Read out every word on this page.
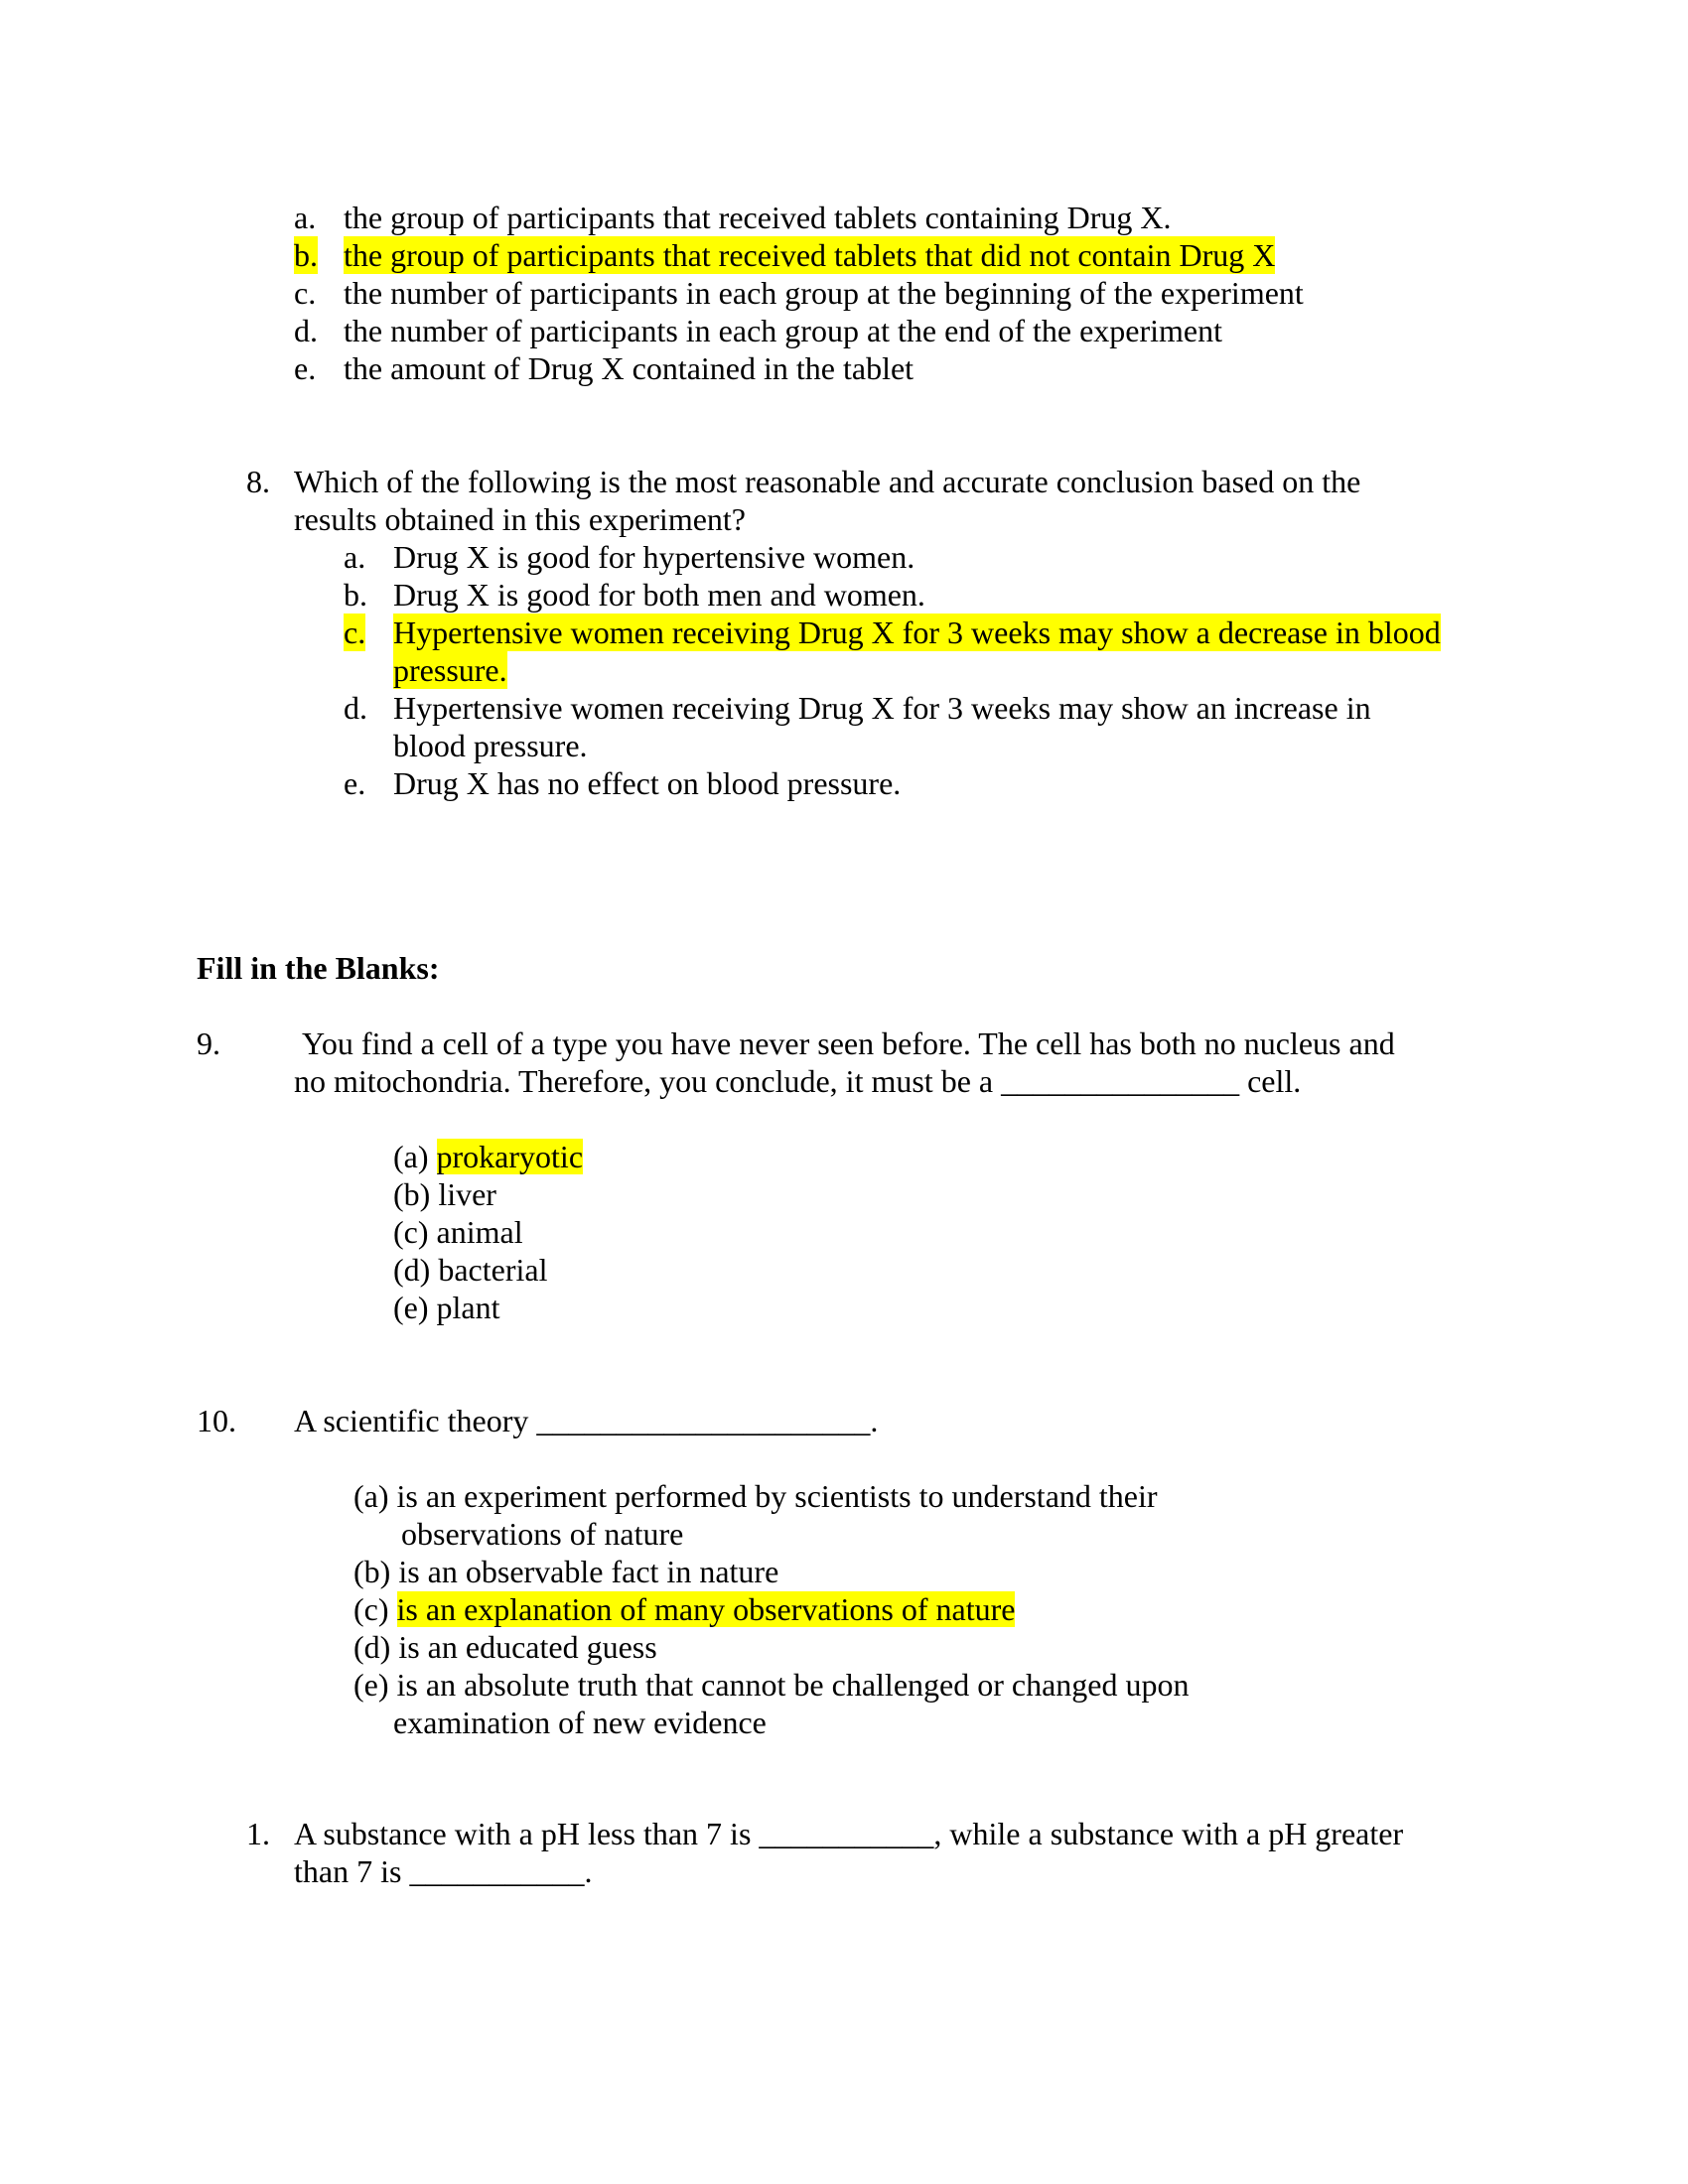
a. the group of participants that received tablets containing Drug X.
b. the group of participants that received tablets that did not contain Drug X
c. the number of participants in each group at the beginning of the experiment
d. the number of participants in each group at the end of the experiment
e. the amount of Drug X contained in the tablet
8. Which of the following is the most reasonable and accurate conclusion based on the
results obtained in this experiment?
a. Drug X is good for hypertensive women.
b. Drug X is good for both men and women.
c. Hypertensive women receiving Drug X for 3 weeks may show a decrease in blood
pressure.
d. Hypertensive women receiving Drug X for 3 weeks may show an increase in
blood pressure.
e. Drug X has no effect on blood pressure.
Fill in the Blanks:
9.	You find a cell of a type you have never seen before. The cell has both no nucleus and
no mitochondria. Therefore, you conclude, it must be a _______________ cell.
(a) prokaryotic
(b) liver
(c) animal
(d) bacterial
(e) plant
10. A scientific theory _____________________.
(a) is an experiment performed by scientists to understand their
observations of nature
(b) is an observable fact in nature
(c) is an explanation of many observations of nature
(d) is an educated guess
(e) is an absolute truth that cannot be challenged or changed upon
examination of new evidence
1. A substance with a pH less than 7 is ___________, while a substance with a pH greater
than 7 is ___________.
